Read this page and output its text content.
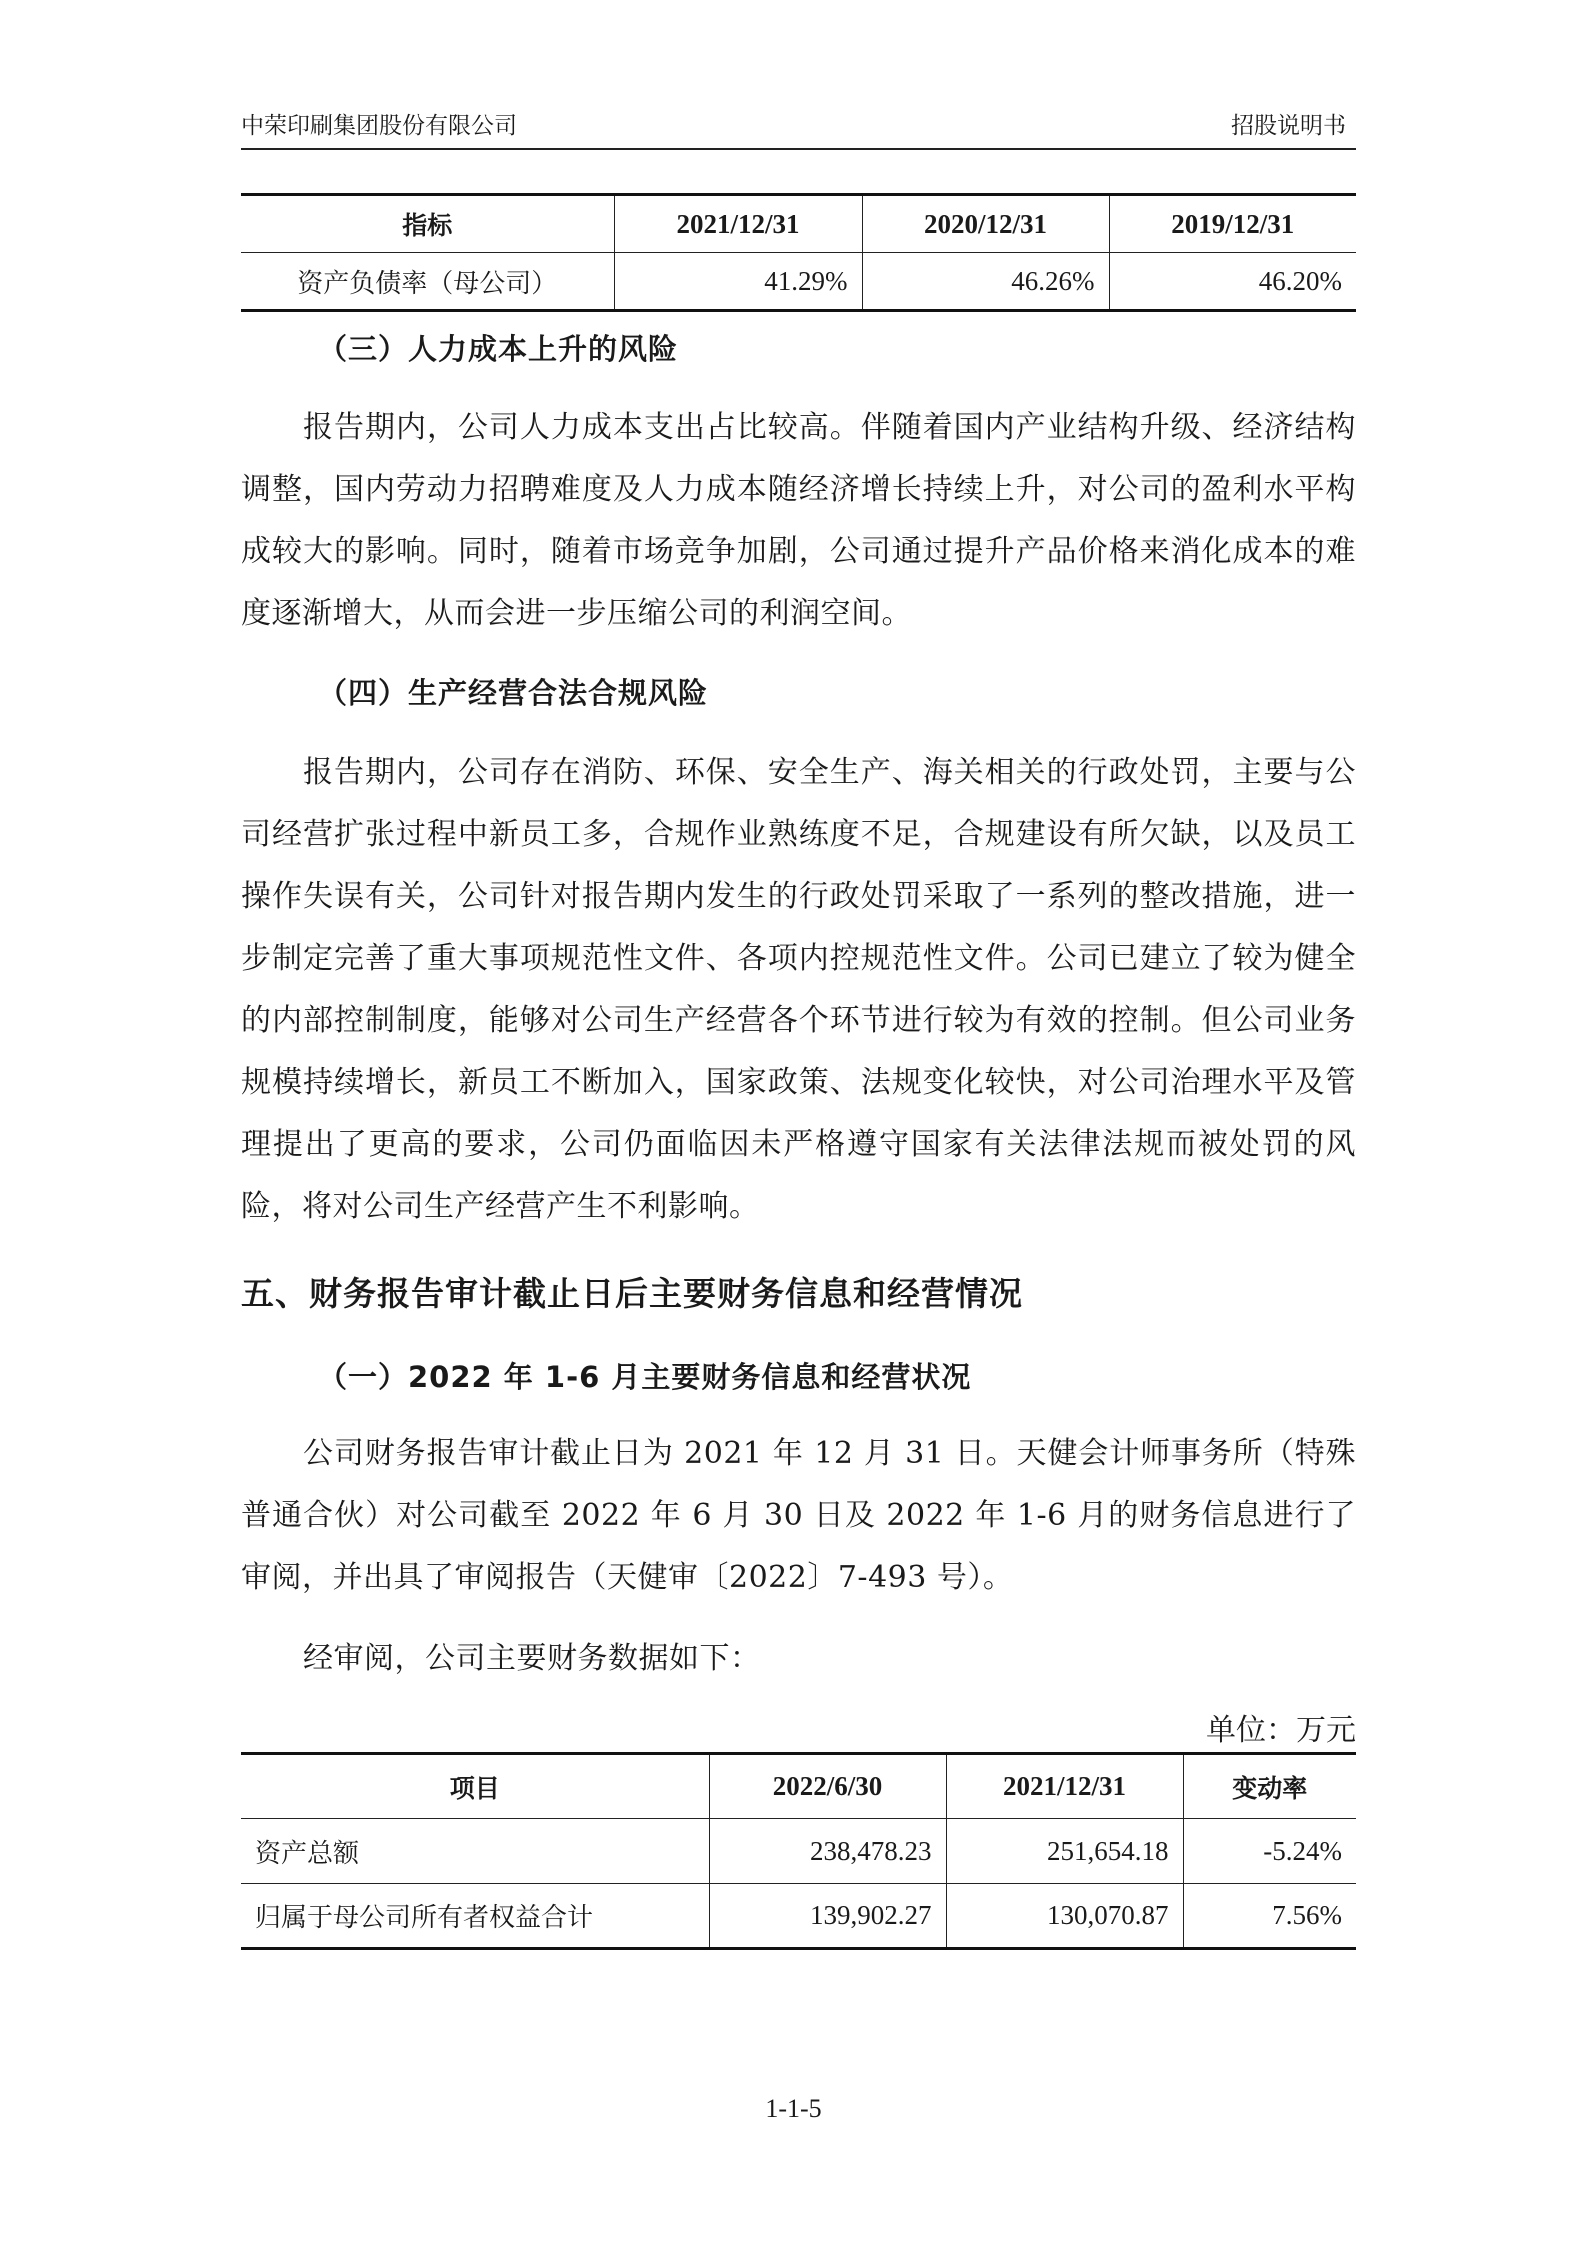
中荣印刷集团股份有限公司	招股说明书
指标	2021/12/31	2020/12/31	2019/12/31
资产负债率（母公司）	41.29%	46.26%	46.20%
（三）人力成本上升的风险
报告期内，公司人力成本支出占比较高。伴随着国内产业结构升级、经济结构调整，国内劳动力招聘难度及人力成本随经济增长持续上升，对公司的盈利水平构成较大的影响。同时，随着市场竞争加剧，公司通过提升产品价格来消化成本的难度逐渐增大，从而会进一步压缩公司的利润空间。
（四）生产经营合法合规风险
报告期内，公司存在消防、环保、安全生产、海关相关的行政处罚，主要与公司经营扩张过程中新员工多，合规作业熟练度不足，合规建设有所欠缺，以及员工操作失误有关，公司针对报告期内发生的行政处罚采取了一系列的整改措施，进一步制定完善了重大事项规范性文件、各项内控规范性文件。公司已建立了较为健全的内部控制制度，能够对公司生产经营各个环节进行较为有效的控制。但公司业务规模持续增长，新员工不断加入，国家政策、法规变化较快，对公司治理水平及管理提出了更高的要求，公司仍面临因未严格遵守国家有关法律法规而被处罚的风险，将对公司生产经营产生不利影响。
五、财务报告审计截止日后主要财务信息和经营情况
（一）2022 年 1-6 月主要财务信息和经营状况
公司财务报告审计截止日为 2021 年 12 月 31 日。天健会计师事务所（特殊普通合伙）对公司截至 2022 年 6 月 30 日及 2022 年 1-6 月的财务信息进行了审阅，并出具了审阅报告（天健审〔2022〕7-493 号）。
经审阅，公司主要财务数据如下：
单位：万元
项目	2022/6/30	2021/12/31	变动率
资产总额	238,478.23	251,654.18	-5.24%
归属于母公司所有者权益合计	139,902.27	130,070.87	7.56%
1-1-5
